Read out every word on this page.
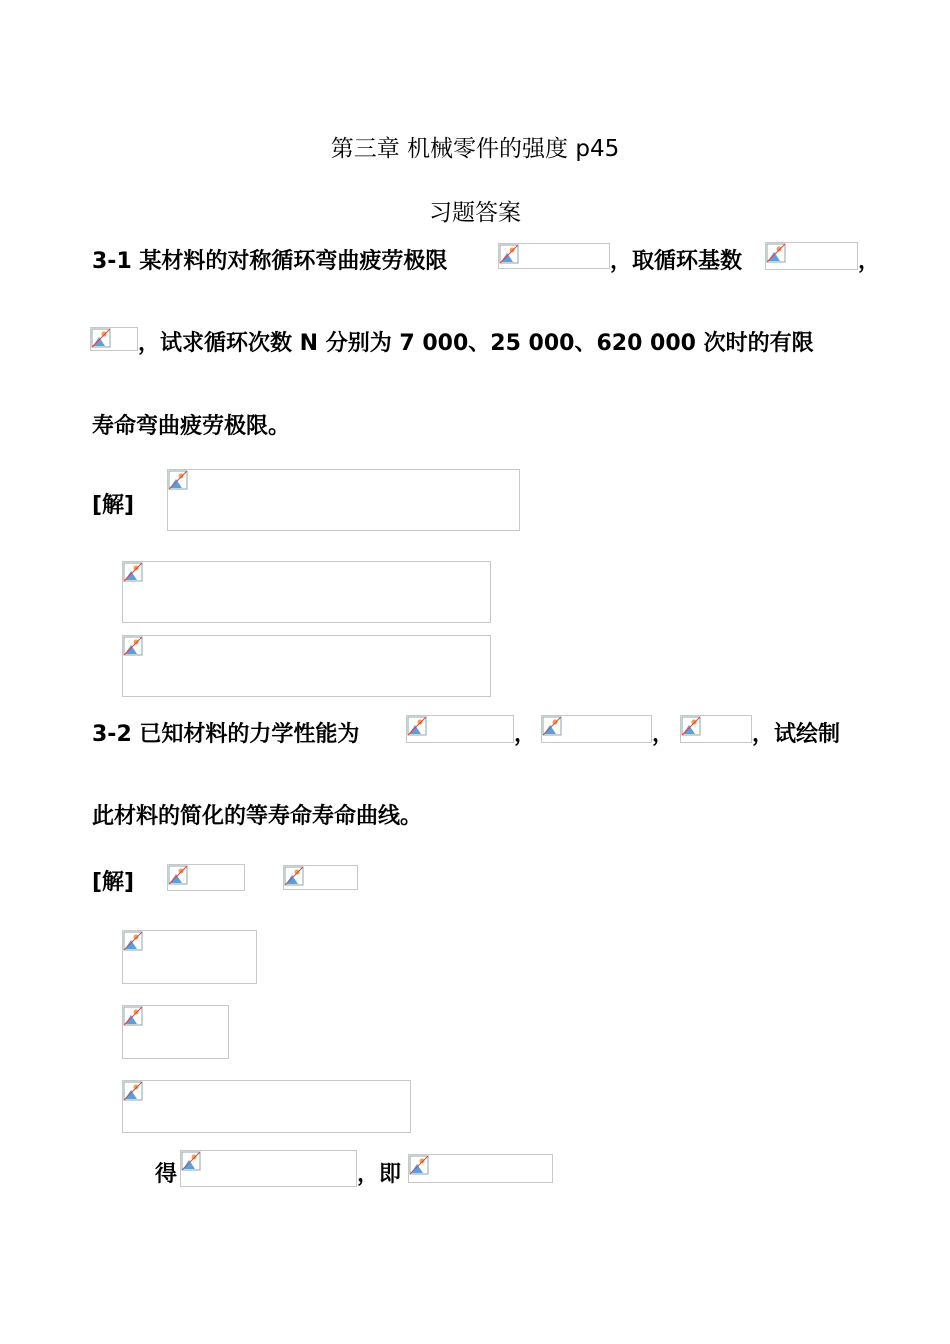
第三章 机械零件的强度 p45
习题答案
3-1 某材料的对称循环弯曲疲劳极限	，取循环基数	，
，试求循环次数 N 分别为 7 000、25 000、620 000 次时的有限
寿命弯曲疲劳极限。
[解]
3-2 已知材料的力学性能为	，	，	，试绘制
此材料的简化的等寿命寿命曲线。
[解]
得	，即
